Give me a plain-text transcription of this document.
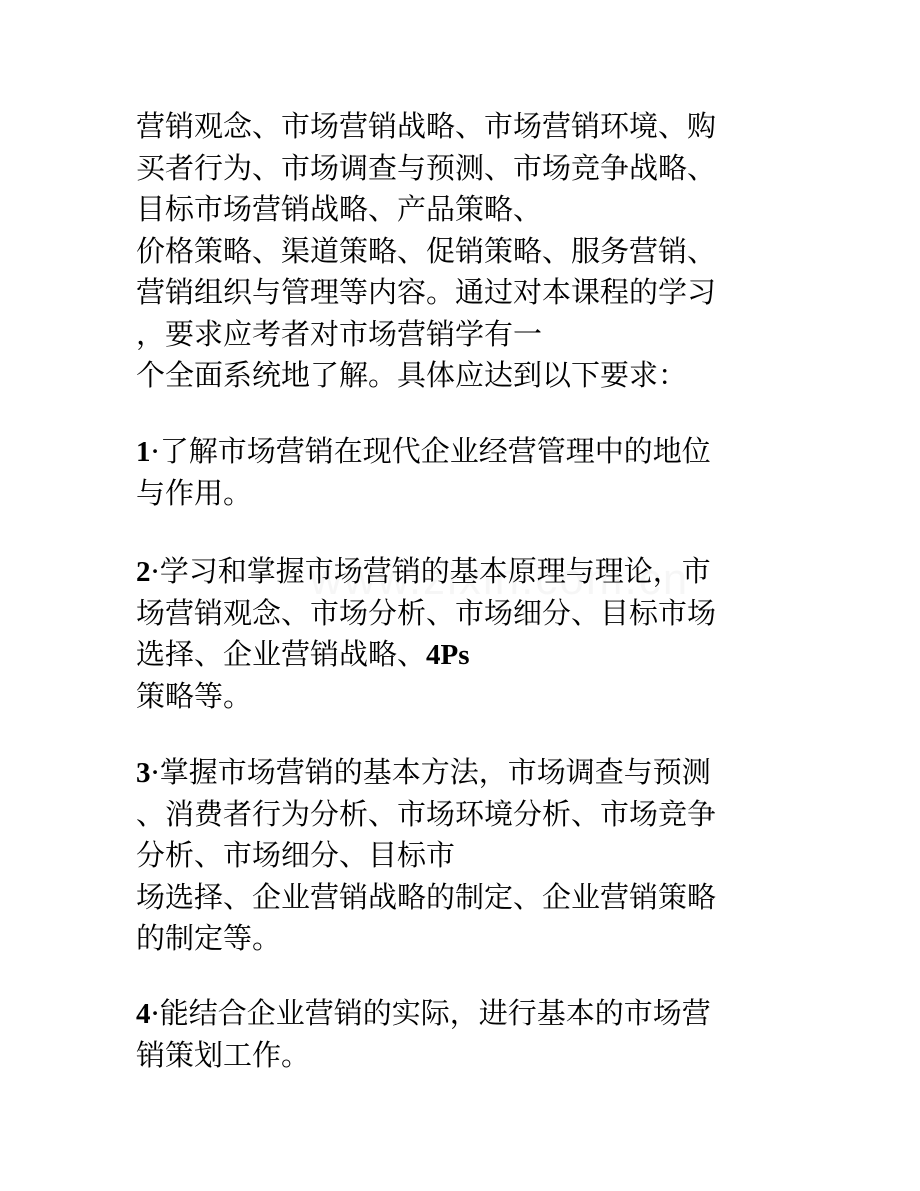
营销观念、市场营销战略、市场营销环境、购
买者行为、市场调查与预测、市场竞争战略、
目标市场营销战略、产品策略、
价格策略、渠道策略、促销策略、服务营销、
营销组织与管理等内容。通过对本课程的学习
，要求应考者对市场营销学有一
个全面系统地了解。具体应达到以下要求：
1·了解市场营销在现代企业经营管理中的地位
与作用。
2·学习和掌握市场营销的基本原理与理论，市
场营销观念、市场分析、市场细分、目标市场
选择、企业营销战略、4Ps
策略等。
3·掌握市场营销的基本方法，市场调查与预测
、消费者行为分析、市场环境分析、市场竞争
分析、市场细分、目标市
场选择、企业营销战略的制定、企业营销策略
的制定等。
4·能结合企业营销的实际，进行基本的市场营
销策划工作。
